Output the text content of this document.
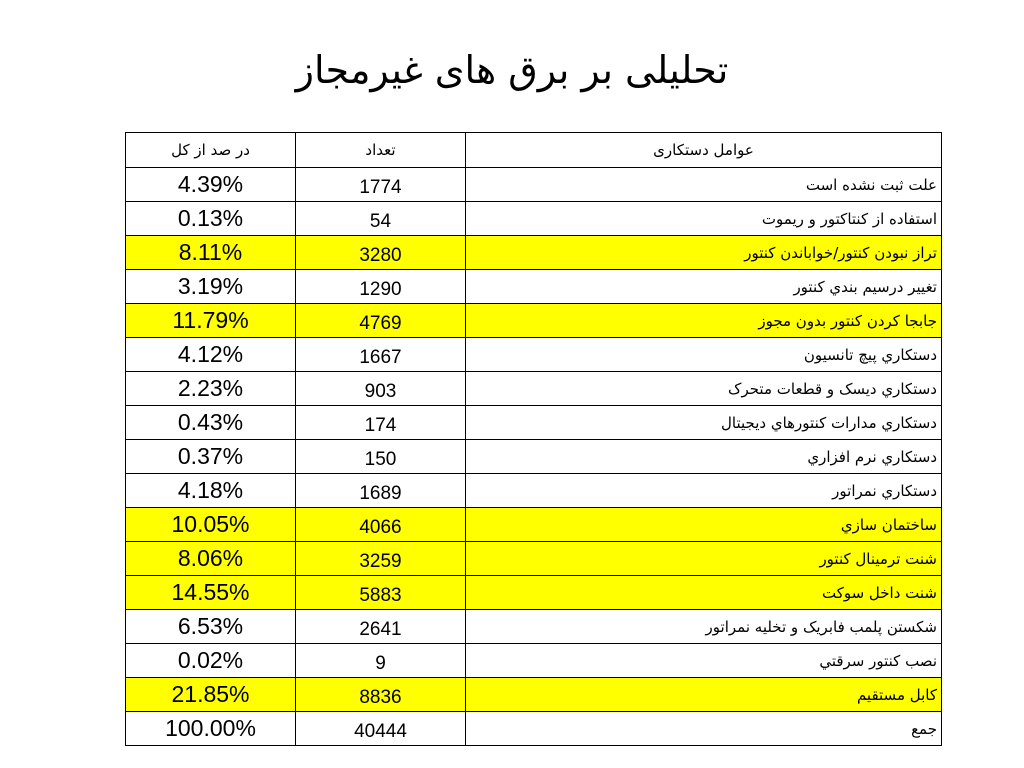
تحلیلی بر برق های غیرمجاز
در صد از کل	تعداد	عوامل دستکاری
4.39%	1774	علت ثبت نشده است
0.13%	54	استفاده از کنتاکتور و ریموت
8.11%	3280	تراز نبودن کنتور/خواباندن کنتور
3.19%	1290	تغيير درسيم بندي کنتور
11.79%	4769	جابجا کردن کنتور بدون مجوز
4.12%	1667	دستکاري پيچ تانسيون
2.23%	903	دستکاري ديسک و قطعات متحرک
0.43%	174	دستکاري مدارات کنتورهاي ديجيتال
0.37%	150	دستکاري نرم افزاري
4.18%	1689	دستکاري نمراتور
10.05%	4066	ساختمان سازي
8.06%	3259	شنت ترمينال کنتور
14.55%	5883	شنت داخل سوکت
6.53%	2641	شکستن پلمب فابریک و تخلیه نمراتور
0.02%	9	نصب کنتور سرقتي
21.85%	8836	کابل مستقيم
100.00%	40444	جمع
